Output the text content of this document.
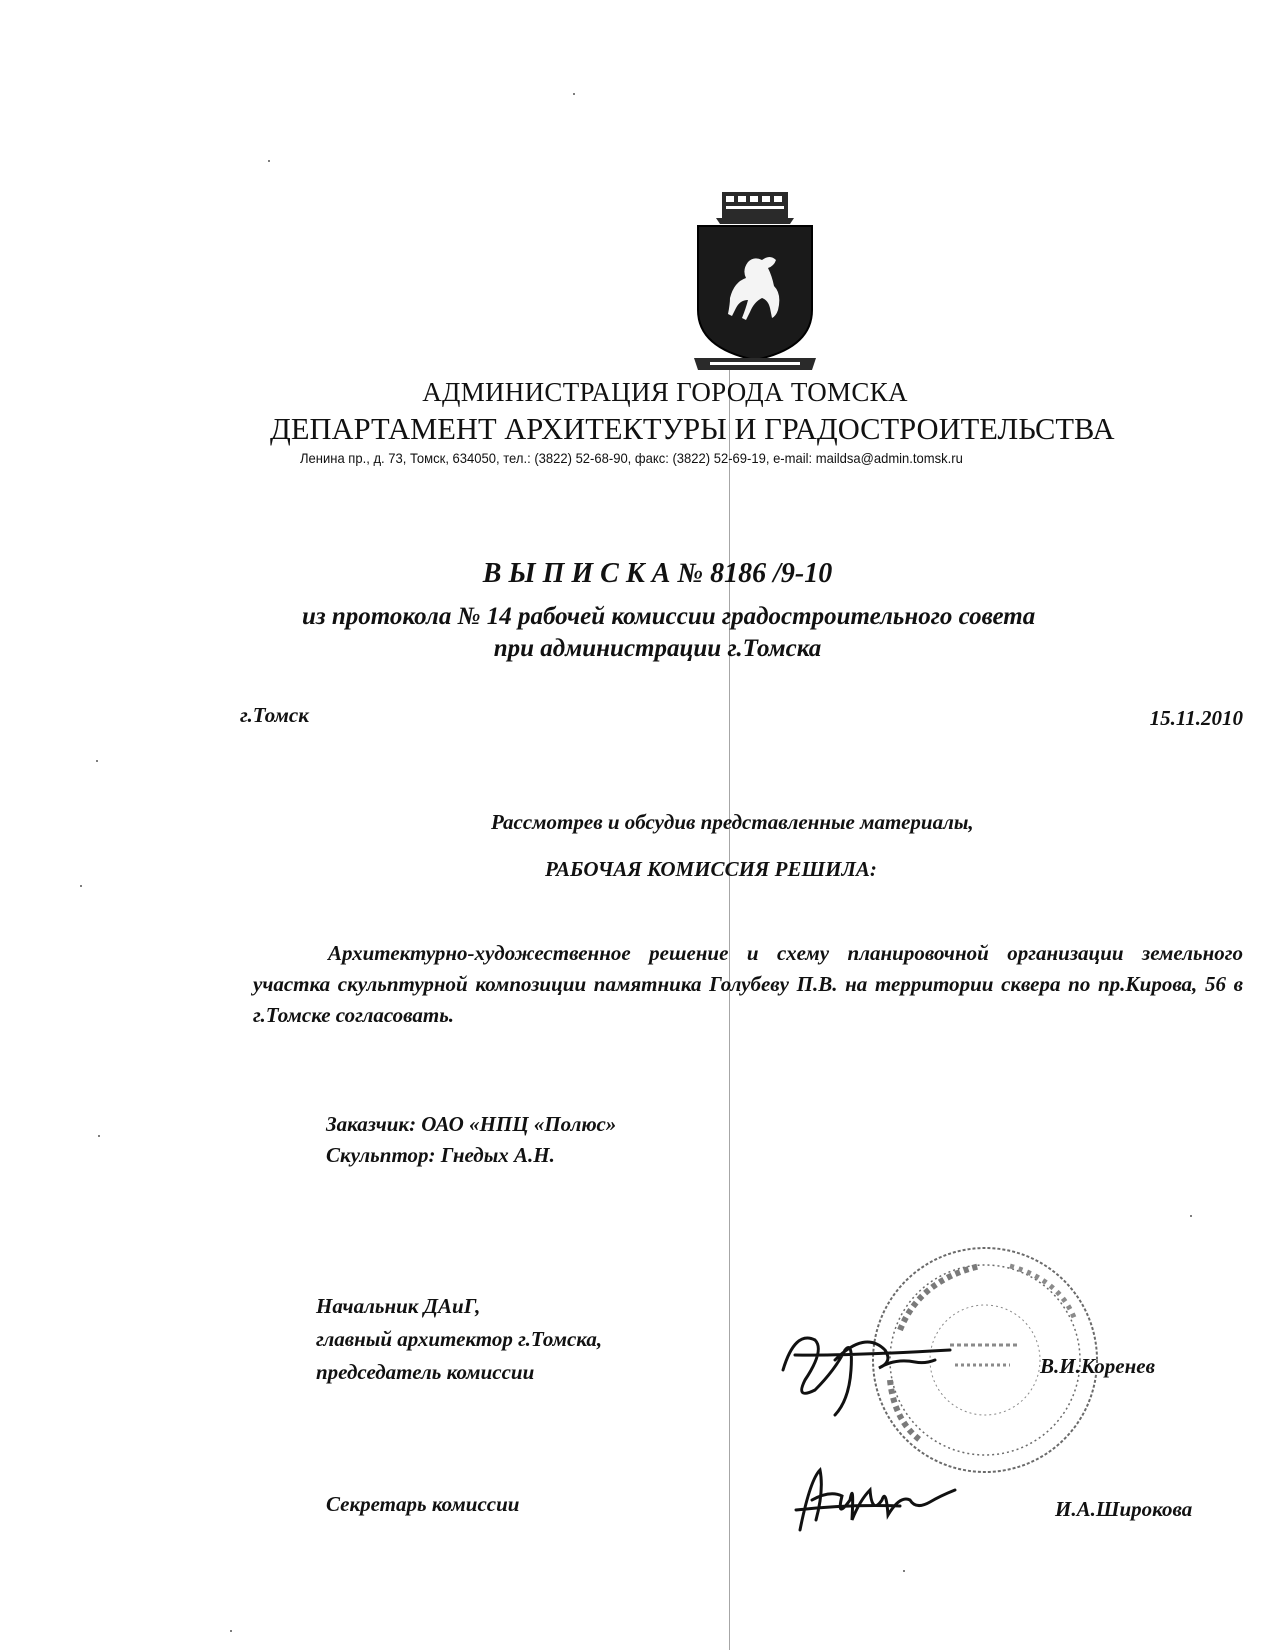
АДМИНИСТРАЦИЯ ГОРОДА ТОМСКА
ДЕПАРТАМЕНТ АРХИТЕКТУРЫ И ГРАДОСТРОИТЕЛЬСТВА
Ленина пр., д. 73, Томск, 634050, тел.: (3822) 52-68-90, факс: (3822) 52-69-19, e-mail: maildsa@admin.tomsk.ru
В Ы П И С К А № 8186 /9-10
из протокола № 14 рабочей комиссии градостроительного совета
при администрации г.Томска
г.Томск	15.11.2010
Рассмотрев и обсудив представленные материалы,
РАБОЧАЯ КОМИССИЯ РЕШИЛА:
Архитектурно-художественное решение и схему планировочной организации земельного участка скульптурной композиции памятника Голубеву П.В. на территории сквера по пр.Кирова, 56 в г.Томске согласовать.
Заказчик: ОАО «НПЦ «Полюс»
Скульптор: Гнедых А.Н.
Начальник ДАиГ,
главный архитектор г.Томска,
председатель комиссии	В.И.Коренев
Секретарь комиссии	И.А.Широкова
